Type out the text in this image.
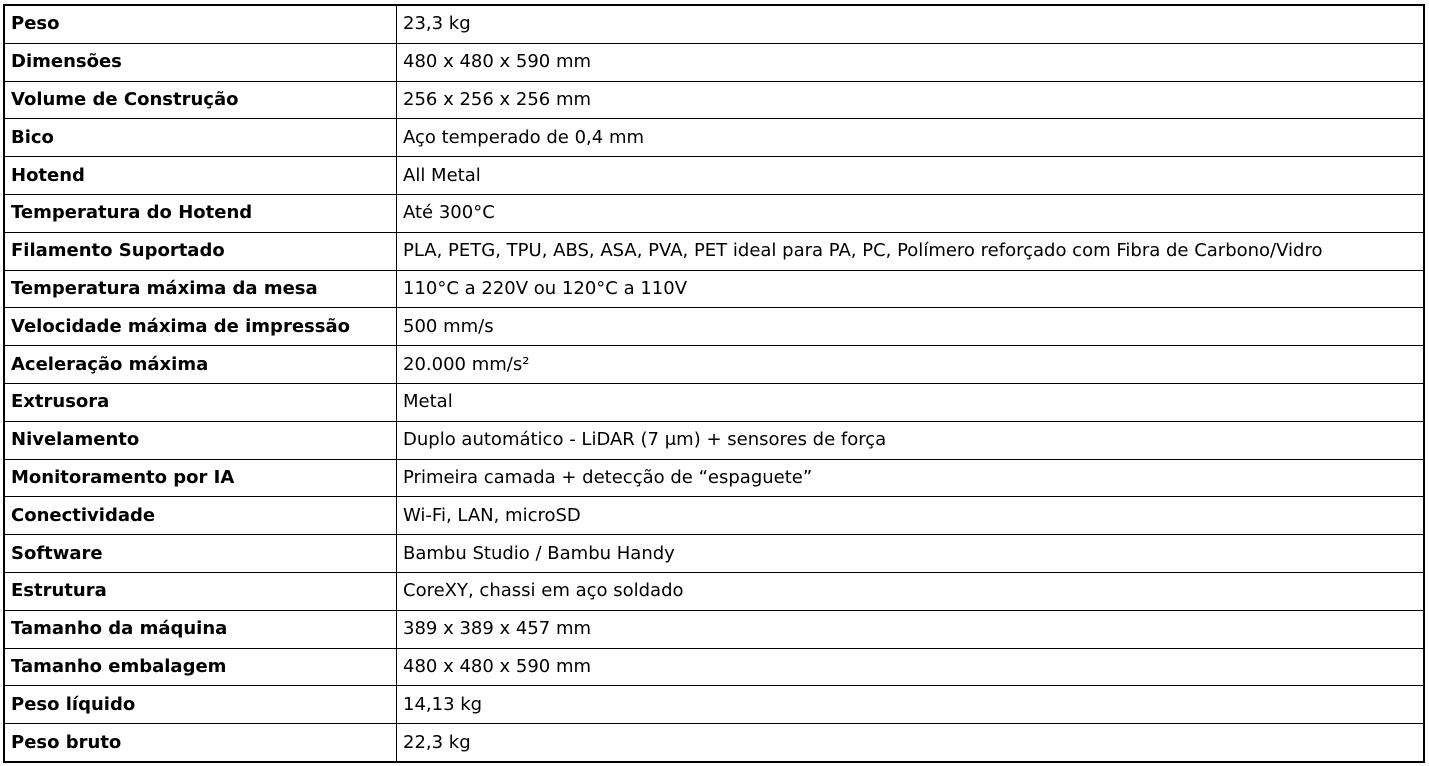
Peso	23,3 kg
Dimensões	480 x 480 x 590 mm
Volume de Construção	256 x 256 x 256 mm
Bico	Aço temperado de 0,4 mm
Hotend	All Metal
Temperatura do Hotend	Até 300°C
Filamento Suportado	PLA, PETG, TPU, ABS, ASA, PVA, PET ideal para PA, PC, Polímero reforçado com Fibra de Carbono/Vidro
Temperatura máxima da mesa	110°C a 220V ou 120°C a 110V
Velocidade máxima de impressão	500 mm/s
Aceleração máxima	20.000 mm/s²
Extrusora	Metal
Nivelamento	Duplo automático - LiDAR (7 μm) + sensores de força
Monitoramento por IA	Primeira camada + detecção de “espaguete”
Conectividade	Wi-Fi, LAN, microSD
Software	Bambu Studio / Bambu Handy
Estrutura	CoreXY, chassi em aço soldado
Tamanho da máquina	389 x 389 x 457 mm
Tamanho embalagem	480 x 480 x 590 mm
Peso líquido	14,13 kg
Peso bruto	22,3 kg
